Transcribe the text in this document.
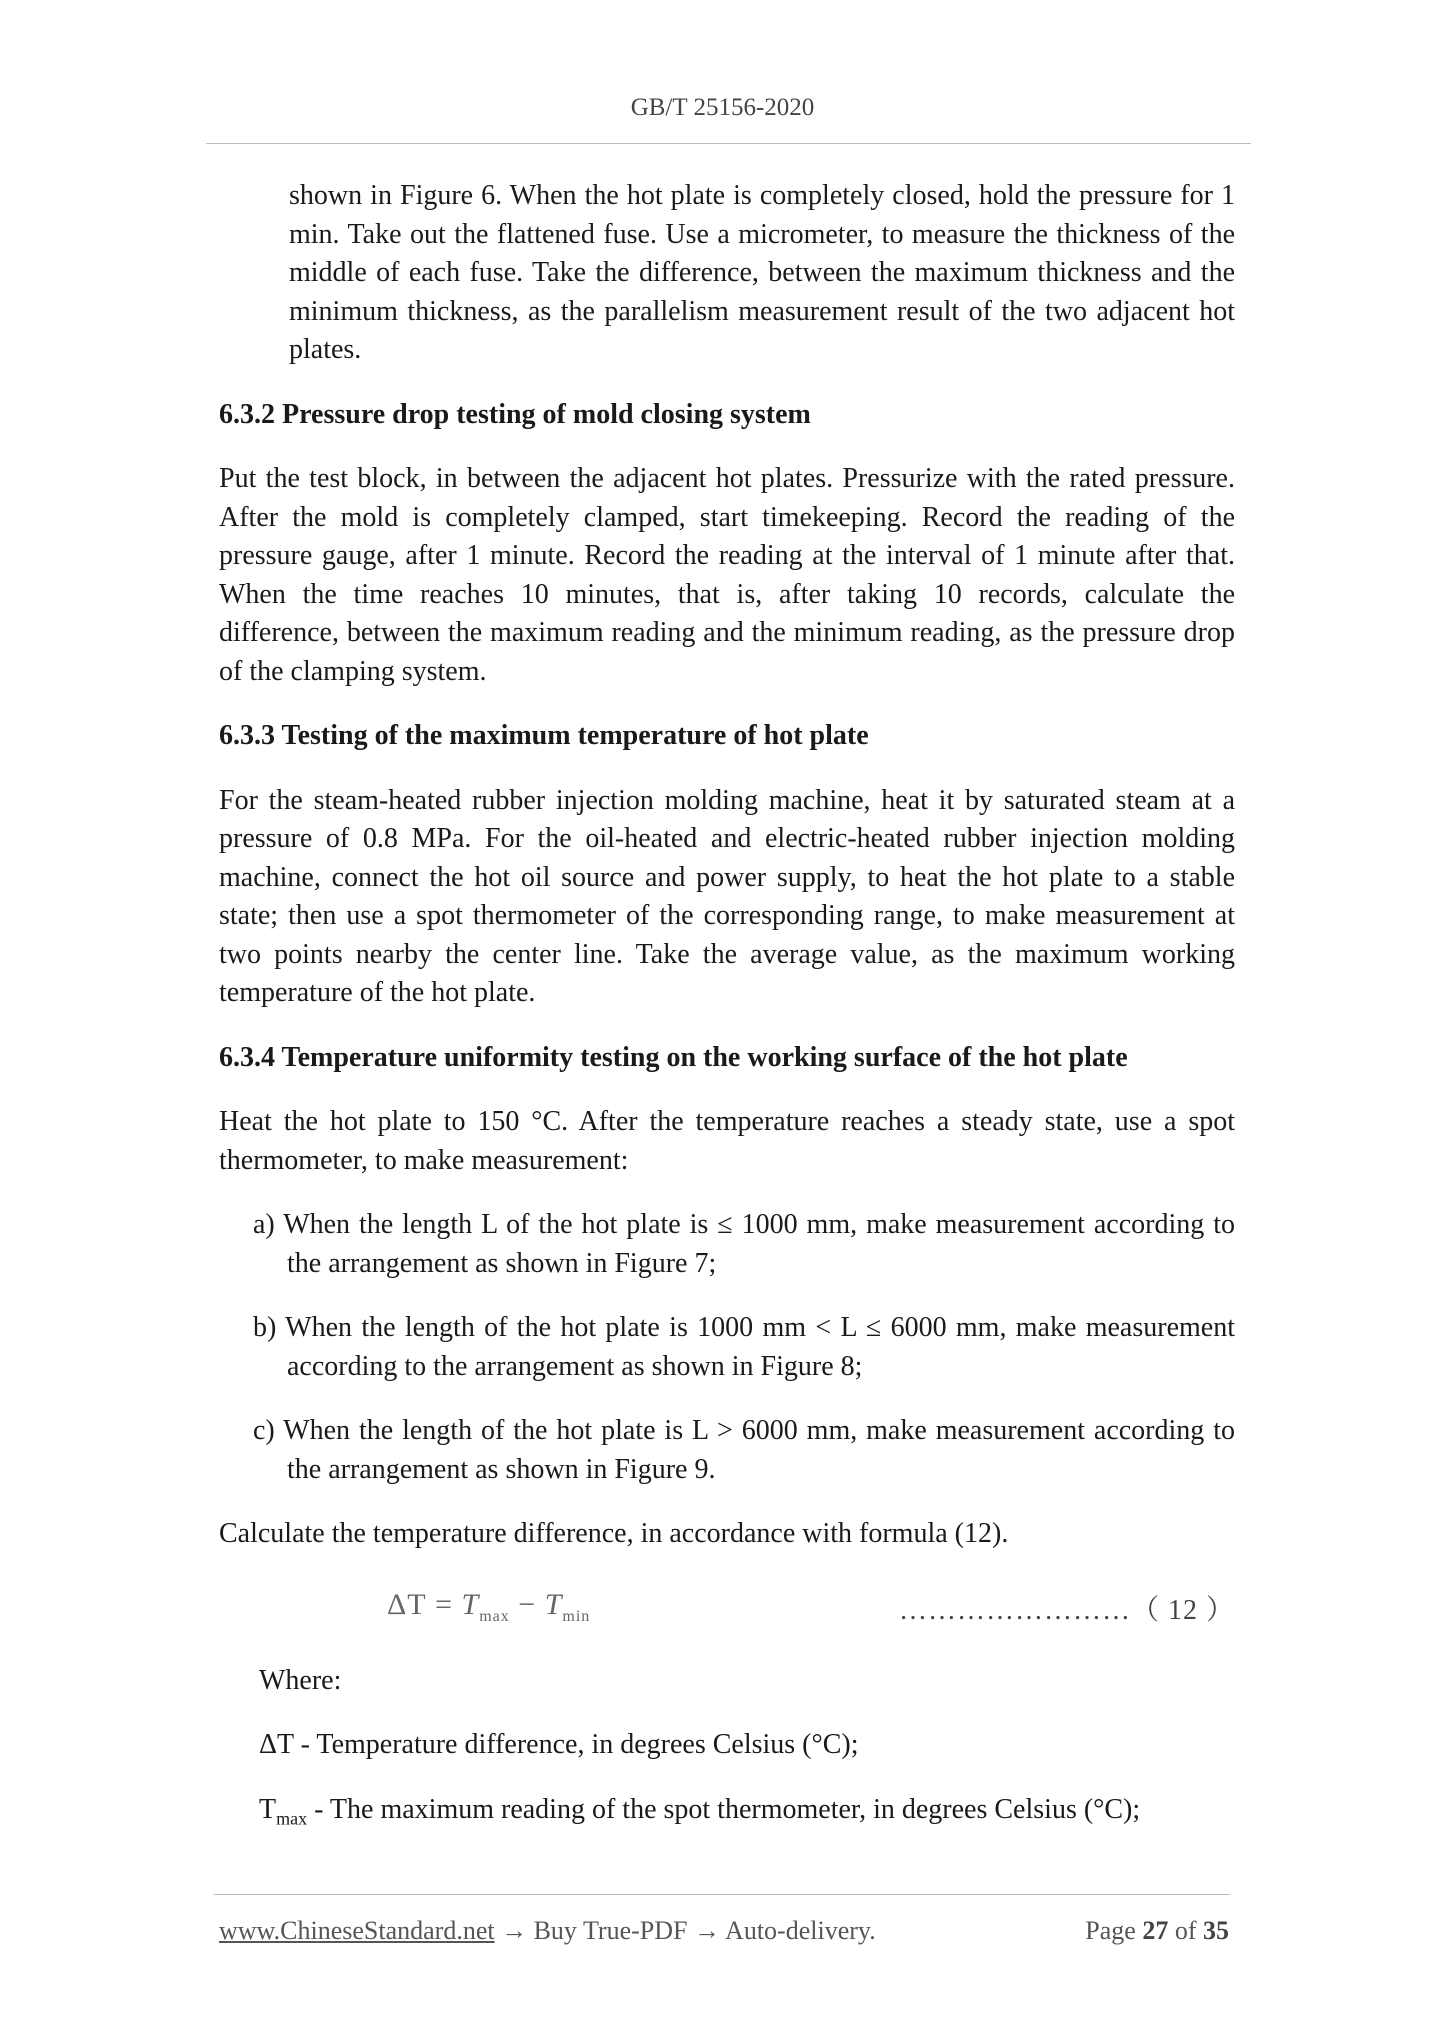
GB/T 25156-2020

shown in Figure 6. When the hot plate is completely closed, hold the pressure for 1 min. Take out the flattened fuse. Use a micrometer, to measure the thickness of the middle of each fuse. Take the difference, between the maximum thickness and the minimum thickness, as the parallelism measurement result of the two adjacent hot plates.

6.3.2 Pressure drop testing of mold closing system

Put the test block, in between the adjacent hot plates. Pressurize with the rated pressure. After the mold is completely clamped, start timekeeping. Record the reading of the pressure gauge, after 1 minute. Record the reading at the interval of 1 minute after that. When the time reaches 10 minutes, that is, after taking 10 records, calculate the difference, between the maximum reading and the minimum reading, as the pressure drop of the clamping system.

6.3.3 Testing of the maximum temperature of hot plate

For the steam-heated rubber injection molding machine, heat it by saturated steam at a pressure of 0.8 MPa. For the oil-heated and electric-heated rubber injection molding machine, connect the hot oil source and power supply, to heat the hot plate to a stable state; then use a spot thermometer of the corresponding range, to make measurement at two points nearby the center line. Take the average value, as the maximum working temperature of the hot plate.

6.3.4 Temperature uniformity testing on the working surface of the hot plate

Heat the hot plate to 150 °C. After the temperature reaches a steady state, use a spot thermometer, to make measurement:

a) When the length L of the hot plate is ≤ 1000 mm, make measurement according to the arrangement as shown in Figure 7;

b) When the length of the hot plate is 1000 mm < L ≤ 6000 mm, make measurement according to the arrangement as shown in Figure 8;

c) When the length of the hot plate is L > 6000 mm, make measurement according to the arrangement as shown in Figure 9.

Calculate the temperature difference, in accordance with formula (12).

$\Delta T = T_{max} - T_{min}$	……………………（ 12 ）

Where:

ΔT - Temperature difference, in degrees Celsius (°C);

$T_{max}$ - The maximum reading of the spot thermometer, in degrees Celsius (°C);

www.ChineseStandard.net → Buy True-PDF → Auto-delivery.	Page 27 of 35
